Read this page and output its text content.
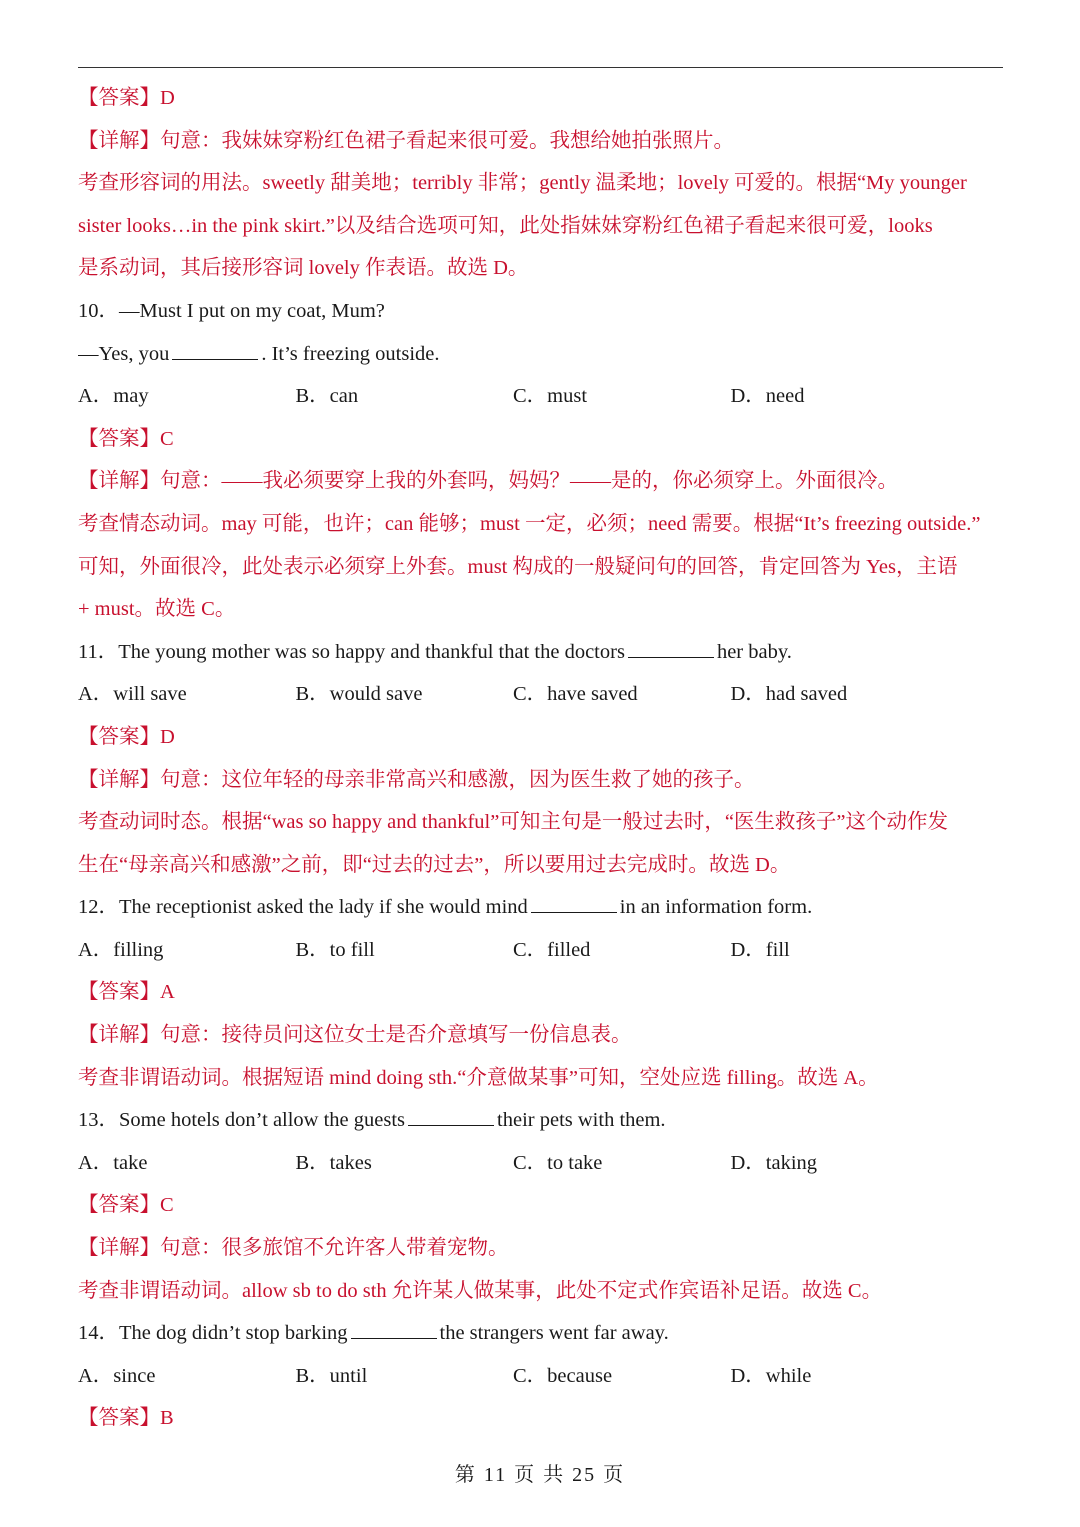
【答案】D
【详解】句意：我妹妹穿粉红色裙子看起来很可爱。我想给她拍张照片。
考查形容词的用法。sweetly 甜美地；terribly 非常；gently 温柔地；lovely 可爱的。根据“My younger
sister looks…in the pink skirt.”以及结合选项可知，此处指妹妹穿粉红色裙子看起来很可爱，looks
是系动词，其后接形容词 lovely 作表语。故选 D。
10．—Must I put on my coat, Mum?
—Yes, you	. It’s freezing outside.
A．may	B．can	C．must	D．need
【答案】C
【详解】句意：——我必须要穿上我的外套吗，妈妈？——是的，你必须穿上。外面很冷。
考查情态动词。may 可能，也许；can 能够；must 一定，必须；need 需要。根据“It’s freezing outside.”
可知，外面很冷，此处表示必须穿上外套。must 构成的一般疑问句的回答，肯定回答为 Yes，主语
+ must。故选 C。
11．The young mother was so happy and thankful that the doctors	her baby.
A．will save	B．would save	C．have saved	D．had saved
【答案】D
【详解】句意：这位年轻的母亲非常高兴和感激，因为医生救了她的孩子。
考查动词时态。根据“was so happy and thankful”可知主句是一般过去时，“医生救孩子”这个动作发
生在“母亲高兴和感激”之前，即“过去的过去”，所以要用过去完成时。故选 D。
12．The receptionist asked the lady if she would mind	in an information form.
A．filling	B．to fill	C．filled	D．fill
【答案】A
【详解】句意：接待员问这位女士是否介意填写一份信息表。
考查非谓语动词。根据短语 mind doing sth.“介意做某事”可知，空处应选 filling。故选 A。
13．Some hotels don’t allow the guests	their pets with them.
A．take	B．takes	C．to take	D．taking
【答案】C
【详解】句意：很多旅馆不允许客人带着宠物。
考查非谓语动词。allow sb to do sth 允许某人做某事，此处不定式作宾语补足语。故选 C。
14．The dog didn’t stop barking	the strangers went far away.
A．since	B．until	C．because	D．while
【答案】B
第 11 页 共 25 页
